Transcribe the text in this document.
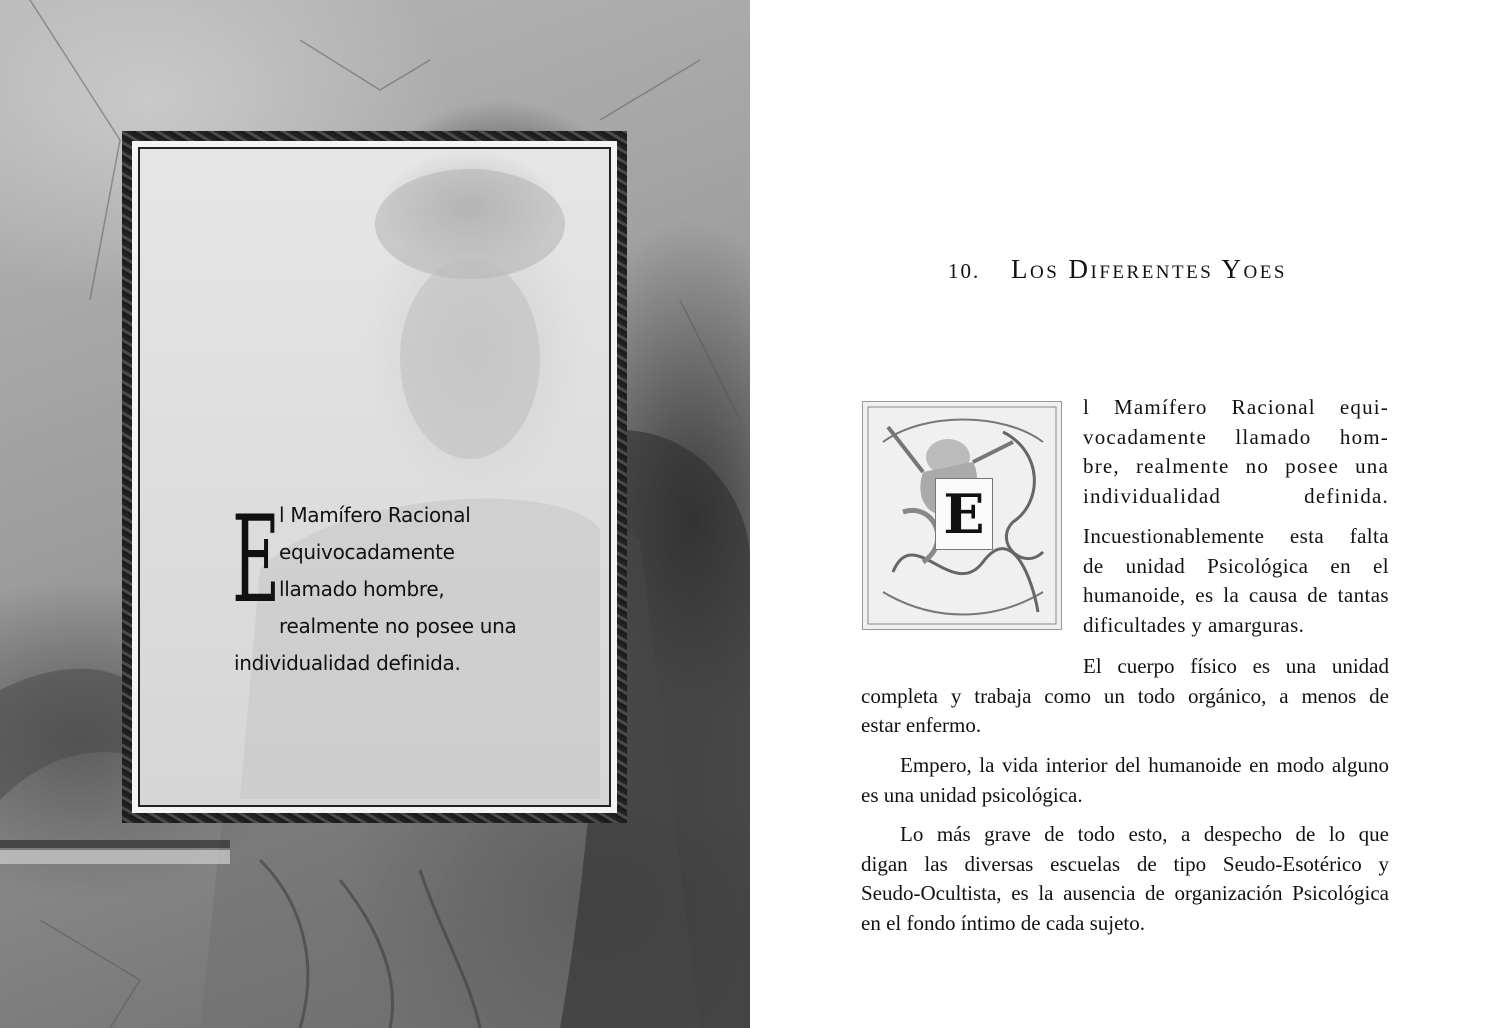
E
l Mamífero Racional
equivocadamente
llamado hombre,
realmente no posee una
individualidad definida.
10. Los Diferentes Yoes
E
l Mamífero Racional equi-
vocadamente llamado hom-
bre, realmente no posee una
individualidad definida.
Incuestionablemente esta falta
de unidad Psicológica en el
humanoide, es la causa de tantas
dificultades y amarguras.
El cuerpo físico es una unidad
completa y trabaja como un todo orgánico, a menos de
estar enfermo.
Empero, la vida interior del humanoide en modo alguno
es una unidad psicológica.
Lo más grave de todo esto, a despecho de lo que
digan las diversas escuelas de tipo Seudo-Esotérico y
Seudo-Ocultista, es la ausencia de organización Psicológica
en el fondo íntimo de cada sujeto.
